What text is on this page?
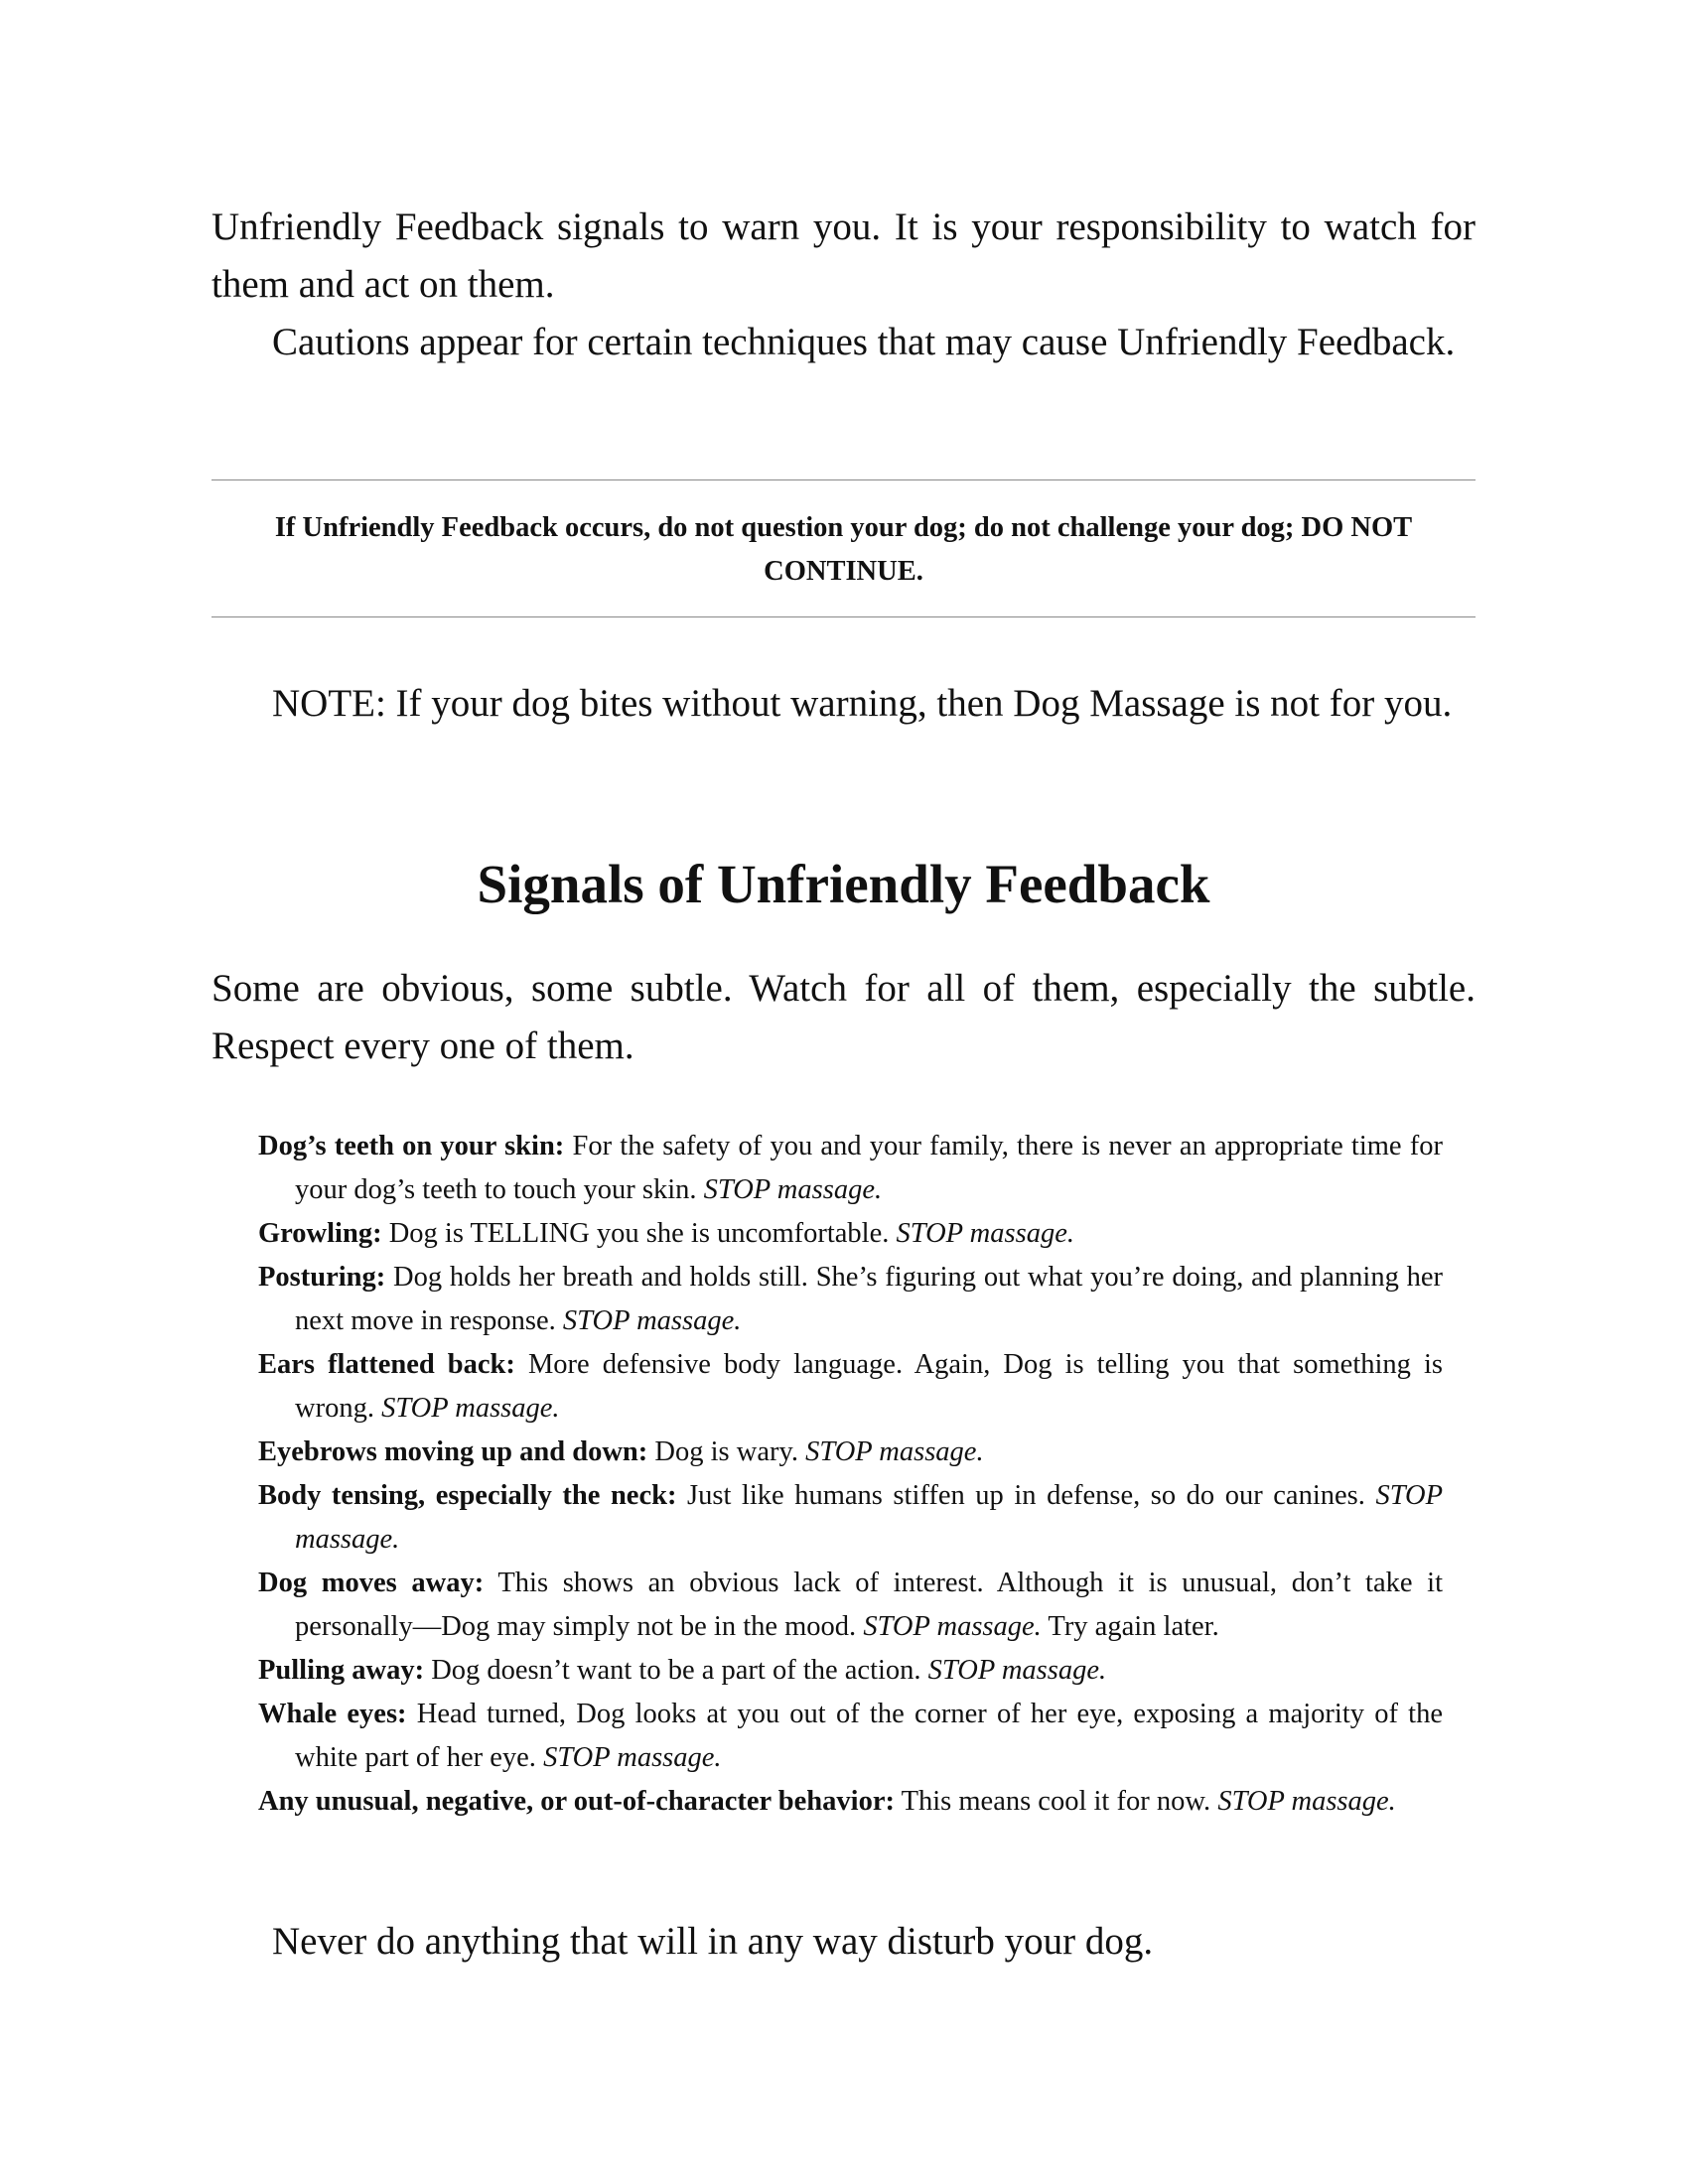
Unfriendly Feedback signals to warn you. It is your responsibility to watch for them and act on them.

Cautions appear for certain techniques that may cause Unfriendly Feedback.

If Unfriendly Feedback occurs, do not question your dog; do not challenge your dog; DO NOT CONTINUE.

NOTE: If your dog bites without warning, then Dog Massage is not for you.

Signals of Unfriendly Feedback

Some are obvious, some subtle. Watch for all of them, especially the subtle. Respect every one of them.

Dog’s teeth on your skin: For the safety of you and your family, there is never an appropriate time for your dog’s teeth to touch your skin. STOP massage.
Growling: Dog is TELLING you she is uncomfortable. STOP massage.
Posturing: Dog holds her breath and holds still. She’s figuring out what you’re doing, and planning her next move in response. STOP massage.
Ears flattened back: More defensive body language. Again, Dog is telling you that something is wrong. STOP massage.
Eyebrows moving up and down: Dog is wary. STOP massage.
Body tensing, especially the neck: Just like humans stiffen up in defense, so do our canines. STOP massage.
Dog moves away: This shows an obvious lack of interest. Although it is unusual, don’t take it personally—Dog may simply not be in the mood. STOP massage. Try again later.
Pulling away: Dog doesn’t want to be a part of the action. STOP massage.
Whale eyes: Head turned, Dog looks at you out of the corner of her eye, exposing a majority of the white part of her eye. STOP massage.
Any unusual, negative, or out-of-character behavior: This means cool it for now. STOP massage.

Never do anything that will in any way disturb your dog.
